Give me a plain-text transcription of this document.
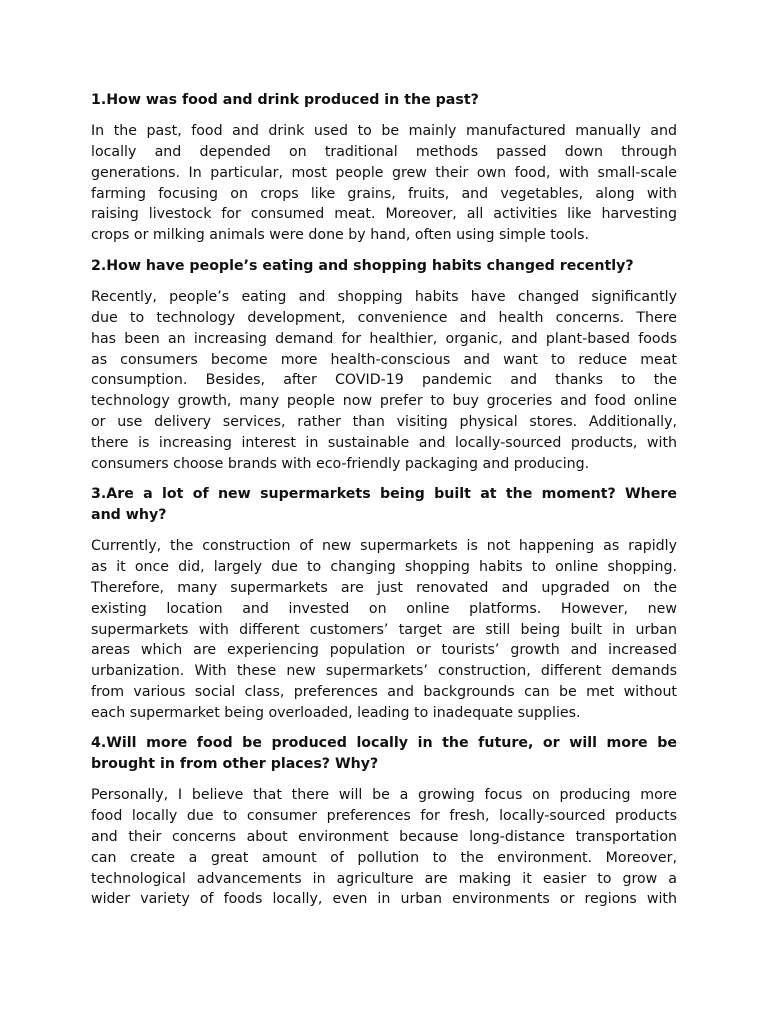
1.How was food and drink produced in the past?
In the past, food and drink used to be mainly manufactured manually and
locally and depended on traditional methods passed down through
generations. In particular, most people grew their own food, with small-scale
farming focusing on crops like grains, fruits, and vegetables, along with
raising livestock for consumed meat. Moreover, all activities like harvesting
crops or milking animals were done by hand, often using simple tools.
2.How have people’s eating and shopping habits changed recently?
Recently, people’s eating and shopping habits have changed significantly
due to technology development, convenience and health concerns. There
has been an increasing demand for healthier, organic, and plant-based foods
as consumers become more health-conscious and want to reduce meat
consumption. Besides, after COVID-19 pandemic and thanks to the
technology growth, many people now prefer to buy groceries and food online
or use delivery services, rather than visiting physical stores. Additionally,
there is increasing interest in sustainable and locally-sourced products, with
consumers choose brands with eco-friendly packaging and producing.
3.Are a lot of new supermarkets being built at the moment? Where
and why?
Currently, the construction of new supermarkets is not happening as rapidly
as it once did, largely due to changing shopping habits to online shopping.
Therefore, many supermarkets are just renovated and upgraded on the
existing location and invested on online platforms. However, new
supermarkets with different customers’ target are still being built in urban
areas which are experiencing population or tourists’ growth and increased
urbanization. With these new supermarkets’ construction, different demands
from various social class, preferences and backgrounds can be met without
each supermarket being overloaded, leading to inadequate supplies.
4.Will more food be produced locally in the future, or will more be
brought in from other places? Why?
Personally, I believe that there will be a growing focus on producing more
food locally due to consumer preferences for fresh, locally-sourced products
and their concerns about environment because long-distance transportation
can create a great amount of pollution to the environment. Moreover,
technological advancements in agriculture are making it easier to grow a
wider variety of foods locally, even in urban environments or regions with
